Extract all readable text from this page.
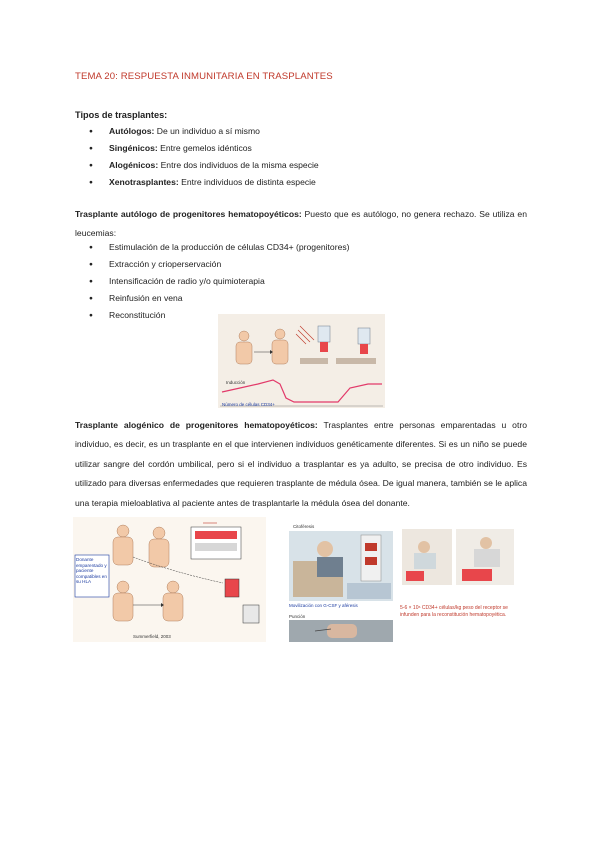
TEMA 20: RESPUESTA INMUNITARIA EN TRASPLANTES
Tipos de trasplantes:
● Autólogos: De un individuo a sí mismo
● Singénicos: Entre gemelos idénticos
● Alogénicos: Entre dos individuos de la misma especie
● Xenotrasplantes: Entre individuos de distinta especie
Trasplante autólogo de progenitores hematopoyéticos: Puesto que es autólogo, no genera rechazo. Se utiliza en leucemias:
● Estimulación de la producción de células CD34+ (progenitores)
● Extracción y crioperservación
● Intensificación de radio y/o quimioterapia
● Reinfusión en vena
● Reconstitución
Inducción
Número de células CD34+
Trasplante alogénico de progenitores hematopoyéticos: Trasplantes entre personas emparentadas u otro individuo, es decir, es un trasplante en el que intervienen individuos genéticamente diferentes. Si es un niño se puede utilizar sangre del cordón umbilical, pero si el individuo a trasplantar es ya adulto, se precisa de otro individuo. Es utilizado para diversas enfermedades que requieren trasplante de médula ósea. De igual manera, también se le aplica una terapia mieloablativa al paciente antes de trasplantarle la médula ósea del donante.
Donante emparentado y paciente compatibles en su HLA
Summerfield, 2003
Citoféresis
Movilización con G-CSF y aféresis
Punción
5-6 × 10⁶ CD34+ células/kg peso del receptor se infunden para la reconstitución hematopoyética.
